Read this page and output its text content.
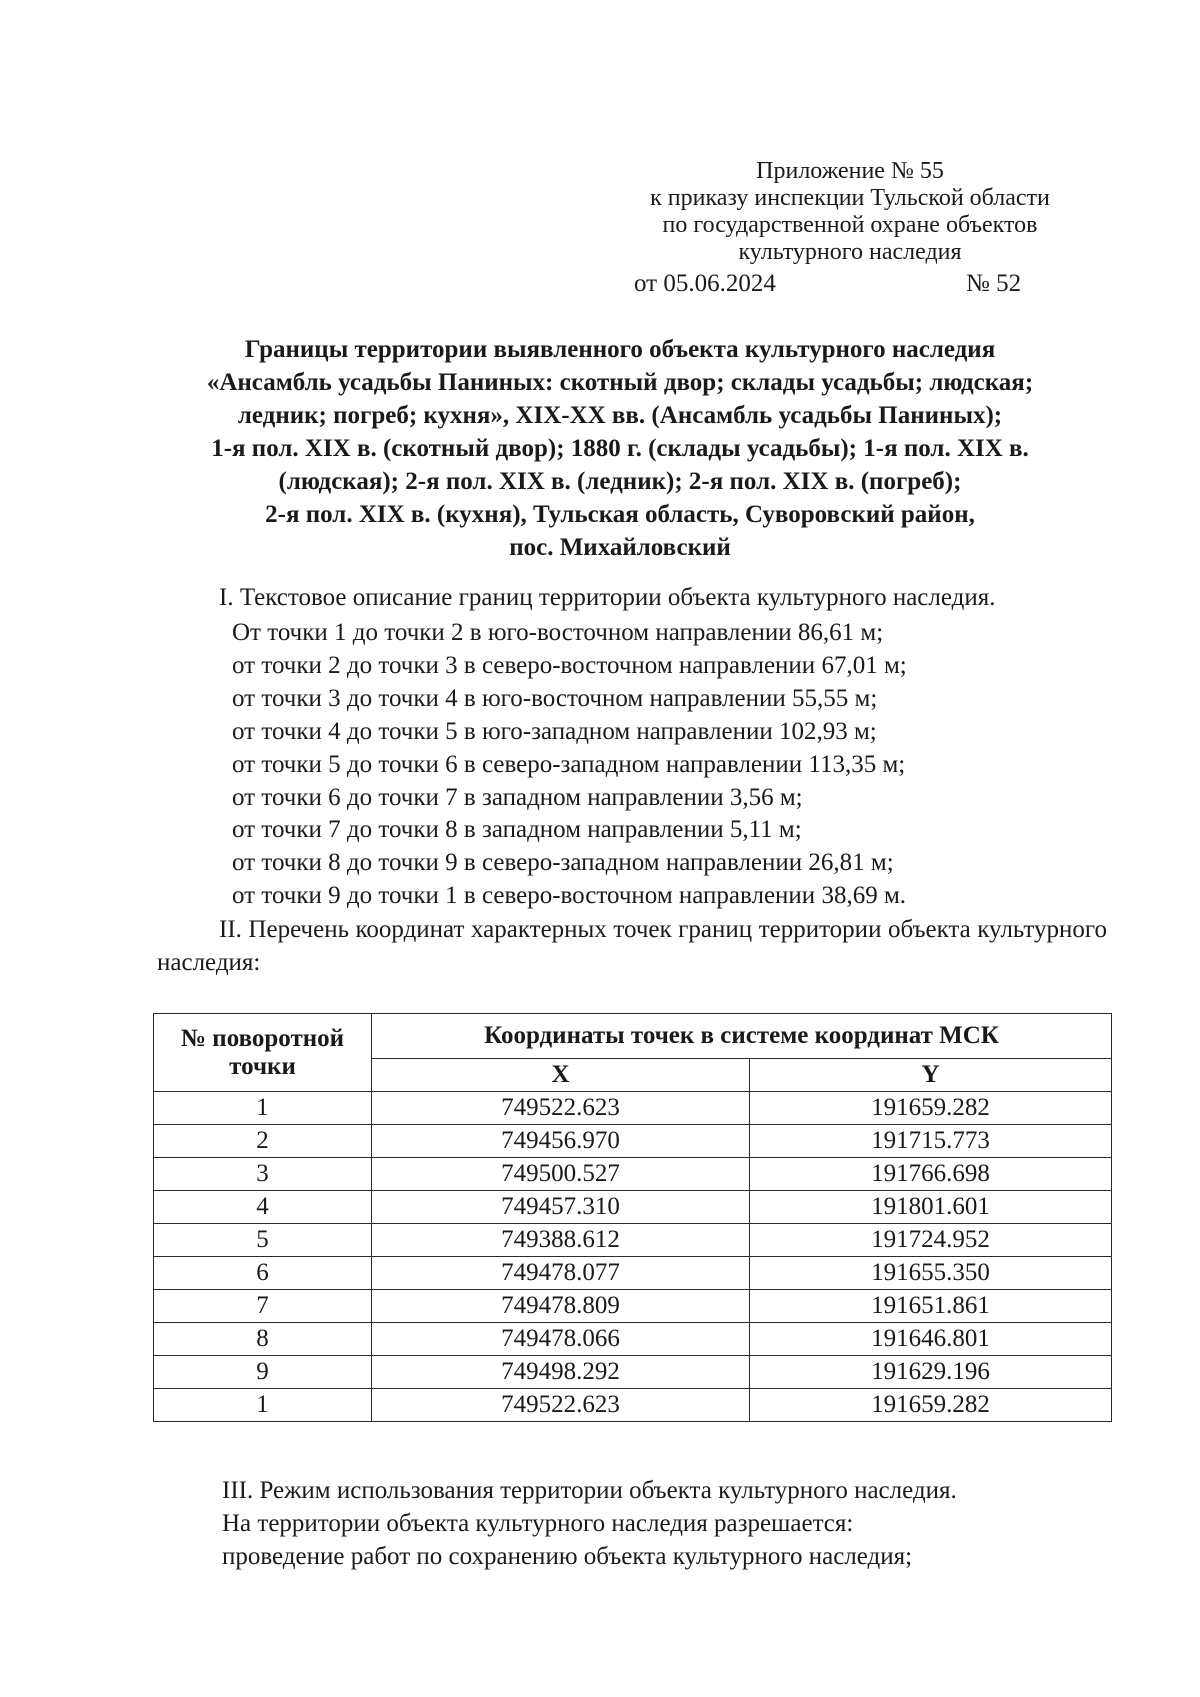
Приложение № 55
к приказу инспекции Тульской области
по государственной охране объектов
культурного наследия
от 05.06.2024	№ 52
Границы территории выявленного объекта культурного наследия
«Ансамбль усадьбы Паниных: скотный двор; склады усадьбы; людская;
ледник; погреб; кухня», XIX-XX вв. (Ансамбль усадьбы Паниных);
1-я пол. XIX в. (скотный двор); 1880 г. (склады усадьбы); 1-я пол. XIX в.
(людская); 2-я пол. XIX в. (ледник); 2-я пол. XIX в. (погреб);
2-я пол. XIX в. (кухня), Тульская область, Суворовский район,
пос. Михайловский
I. Текстовое описание границ территории объекта культурного наследия.
От точки 1 до точки 2 в юго-восточном направлении 86,61 м;
от точки 2 до точки 3 в северо-восточном направлении 67,01 м;
от точки 3 до точки 4 в юго-восточном направлении 55,55 м;
от точки 4 до точки 5 в юго-западном направлении 102,93 м;
от точки 5 до точки 6 в северо-западном направлении 113,35 м;
от точки 6 до точки 7 в западном направлении 3,56 м;
от точки 7 до точки 8 в западном направлении 5,11 м;
от точки 8 до точки 9 в северо-западном направлении 26,81 м;
от точки 9 до точки 1 в северо-восточном направлении 38,69 м.
II. Перечень координат характерных точек границ территории объекта культурного наследия:
№ поворотной точки	Координаты точек в системе координат МСК	
	X	Y
1	749522.623	191659.282
2	749456.970	191715.773
3	749500.527	191766.698
4	749457.310	191801.601
5	749388.612	191724.952
6	749478.077	191655.350
7	749478.809	191651.861
8	749478.066	191646.801
9	749498.292	191629.196
1	749522.623	191659.282
III. Режим использования территории объекта культурного наследия.
На территории объекта культурного наследия разрешается:
проведение работ по сохранению объекта культурного наследия;
